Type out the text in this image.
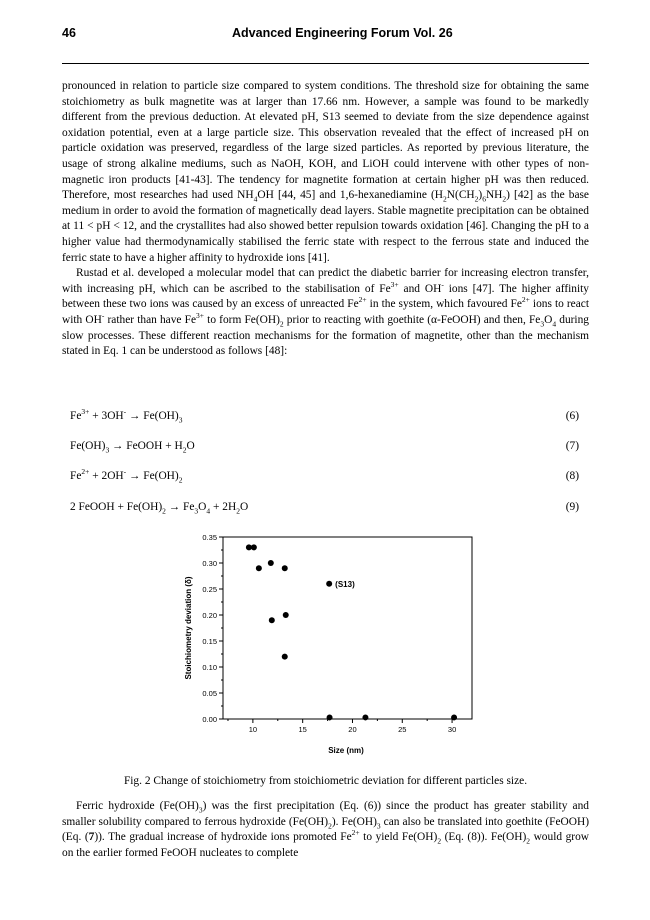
46	Advanced Engineering Forum Vol. 26

pronounced in relation to particle size compared to system conditions. The threshold size for obtaining the same stoichiometry as bulk magnetite was at larger than 17.66 nm. However, a sample was found to be markedly different from the previous deduction. At elevated pH, S13 seemed to deviate from the size dependence against oxidation potential, even at a large particle size. This observation revealed that the effect of increased pH on particle oxidation was preserved, regardless of the large sized particles. As reported by previous literature, the usage of strong alkaline mediums, such as NaOH, KOH, and LiOH could intervene with other types of non-magnetic iron products [41-43]. The tendency for magnetite formation at certain higher pH was then reduced. Therefore, most researches had used $NH_4OH$ [44, 45] and 1,6-hexanediamine $(H_2N(CH_2)_6NH_2)$ [42] as the base medium in order to avoid the formation of magnetically dead layers. Stable magnetite precipitation can be obtained at 11 < pH < 12, and the crystallites had also showed better repulsion towards oxidation [46]. Changing the pH to a higher value had thermodynamically stabilised the ferric state with respect to the ferrous state and induced the ferric state to have a higher affinity to hydroxide ions [41].

Rustad et al. developed a molecular model that can predict the diabetic barrier for increasing electron transfer, with increasing pH, which can be ascribed to the stabilisation of $Fe^{3+}$ and OH- ions [47]. The higher affinity between these two ions was caused by an excess of unreacted $Fe^{2+}$ in the system, which favoured $Fe^{2+}$ ions to react with OH- rather than have $Fe^{3+}$ to form $Fe(OH)_2$ prior to reacting with goethite (α-FeOOH) and then, $Fe_3O_4$ during slow processes. These different reaction mechanisms for the formation of magnetite, other than the mechanism stated in Eq. 1 can be understood as follows [48]:

$Fe^{3+} + 3OH^- \to Fe(OH)_3$	(6)
$Fe(OH)_3$ → FeOOH + $H_2O$	(7)
$Fe^{2+} + 2OH^- \to Fe(OH)_2$	(8)
2 FeOOH + $Fe(OH)_2 \to Fe_3O_4 + 2H_2O$	(9)
0.00
0.05
0.10
0.15
0.20
0.25
0.30
0.35
10	15	20	25	30
(S13)
Size (nm)
Stoichiometry deviation (δ)
Fig. 2 Change of stoichiometry from stoichiometric deviation for different particles size.

Ferric hydroxide $(Fe(OH)_3)$ was the first precipitation (Eq. (6)) since the product has greater stability and smaller solubility compared to ferrous hydroxide $(Fe(OH)_2)$. $Fe(OH)_3$ can also be translated into goethite (FeOOH) (Eq. (7)). The gradual increase of hydroxide ions promoted $Fe^{2+}$ to yield $Fe(OH)_2$ (Eq. (8)). $Fe(OH)_2$ would grow on the earlier formed FeOOH nucleates to complete
